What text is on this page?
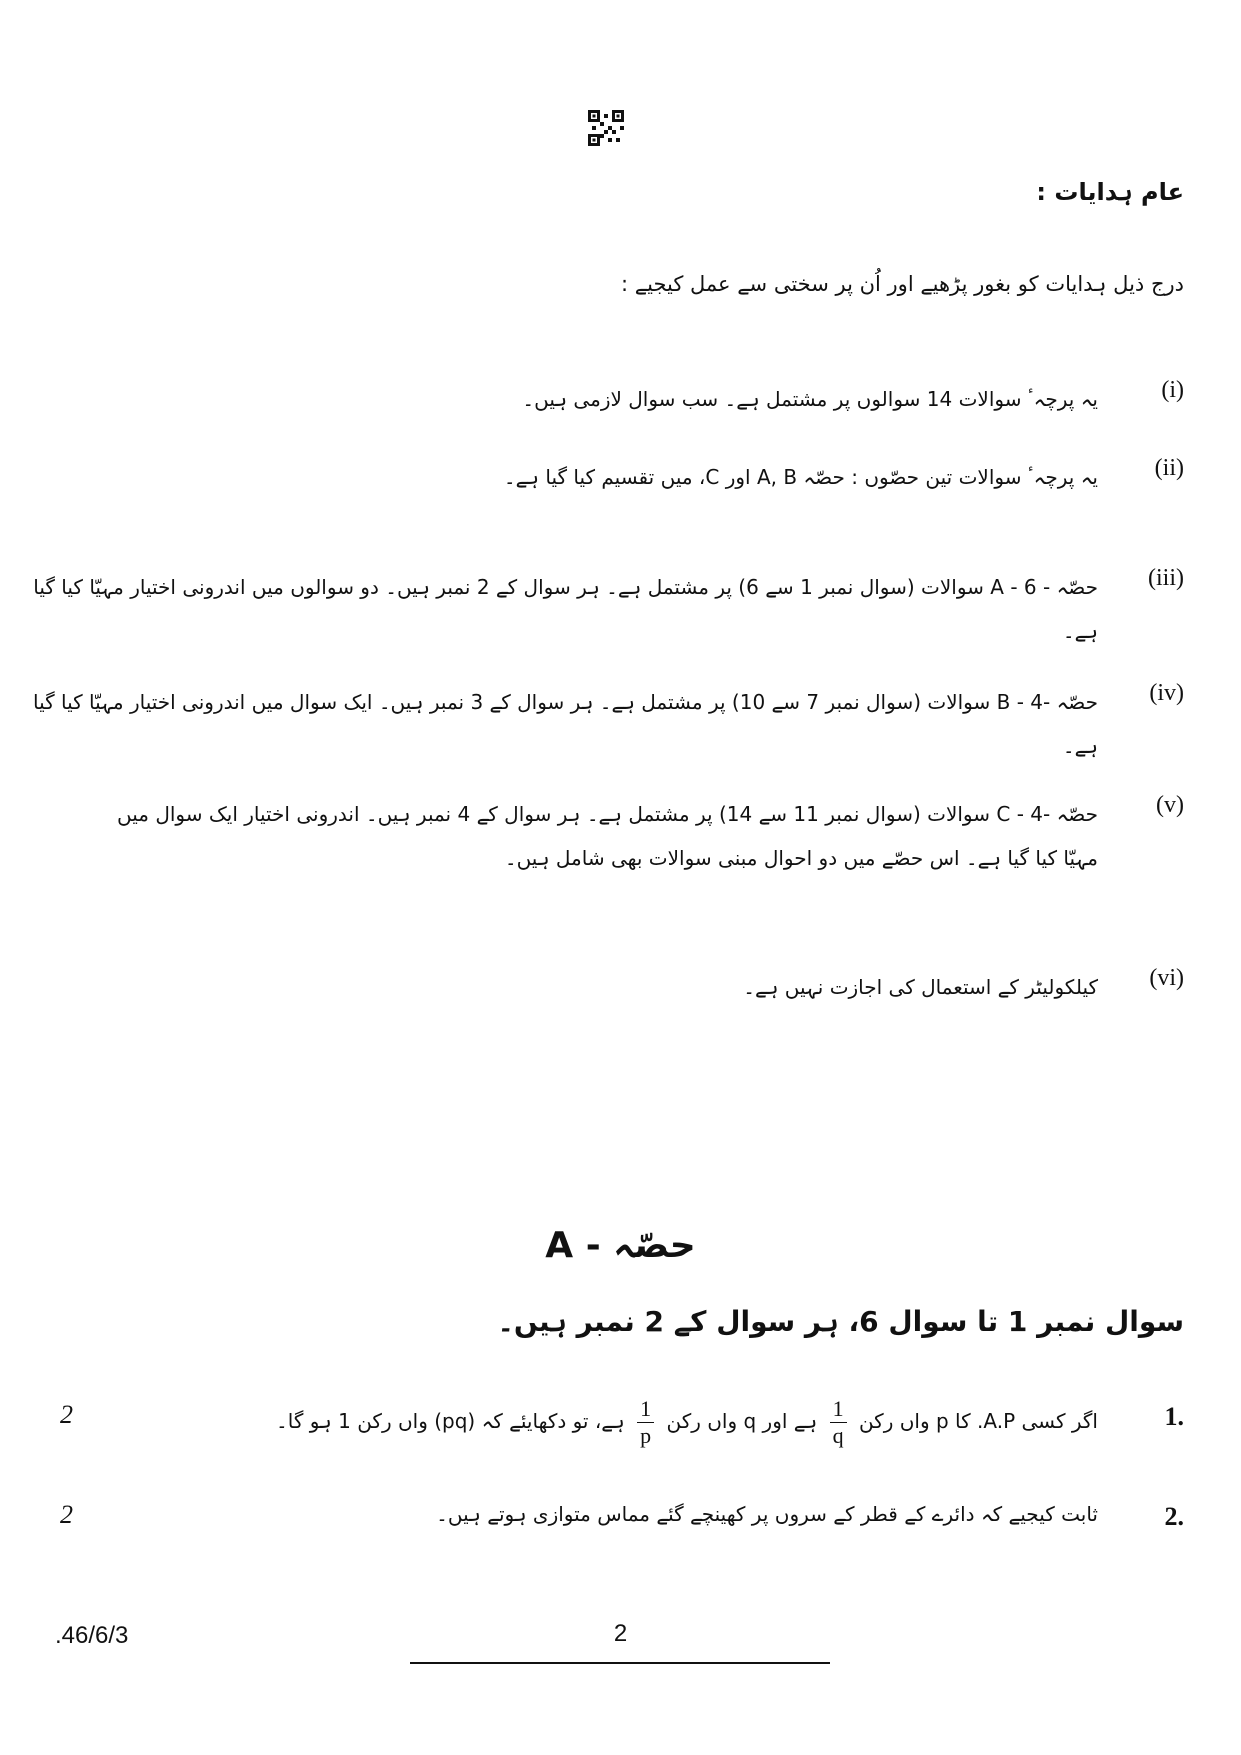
عام ہدایات :
درج ذیل ہدایات کو بغور پڑھیے اور اُن پر سختی سے عمل کیجیے :
(i)
یہ پرچہٴ سوالات 14 سوالوں پر مشتمل ہے۔ سب سوال لازمی ہیں۔
(ii)
یہ پرچہٴ سوالات تین حصّوں : حصّہ A, B اور C، میں تقسیم کیا گیا ہے۔
(iii)
حصّہ - A - 6 سوالات (سوال نمبر 1 سے 6) پر مشتمل ہے۔ ہر سوال کے 2 نمبر ہیں۔ دو سوالوں میں اندرونی اختیار مہیّا کیا گیا ہے۔
(iv)
حصّہ -B - 4 سوالات (سوال نمبر 7 سے 10) پر مشتمل ہے۔ ہر سوال کے 3 نمبر ہیں۔ ایک سوال میں اندرونی اختیار مہیّا کیا گیا ہے۔
(v)
حصّہ -C - 4 سوالات (سوال نمبر 11 سے 14) پر مشتمل ہے۔ ہر سوال کے 4 نمبر ہیں۔ اندرونی اختیار ایک سوال میں مہیّا کیا گیا ہے۔ اس حصّے میں دو احوال مبنی سوالات بھی شامل ہیں۔
(vi)
کیلکولیٹر کے استعمال کی اجازت نہیں ہے۔
حصّہ - A
سوال نمبر 1 تا سوال 6، ہر سوال کے 2 نمبر ہیں۔
1.
اگر کسی A.P. کا p واں رکن
$\frac{1}{q}$
ہے اور q واں رکن
$\frac{1}{p}$
ہے، تو دکھایئے کہ (pq) واں رکن 1 ہو گا۔
2
2.
ثابت کیجیے کہ دائرے کے قطر کے سروں پر کھینچے گئے مماس متوازی ہوتے ہیں۔
2
.46/6/3	2
